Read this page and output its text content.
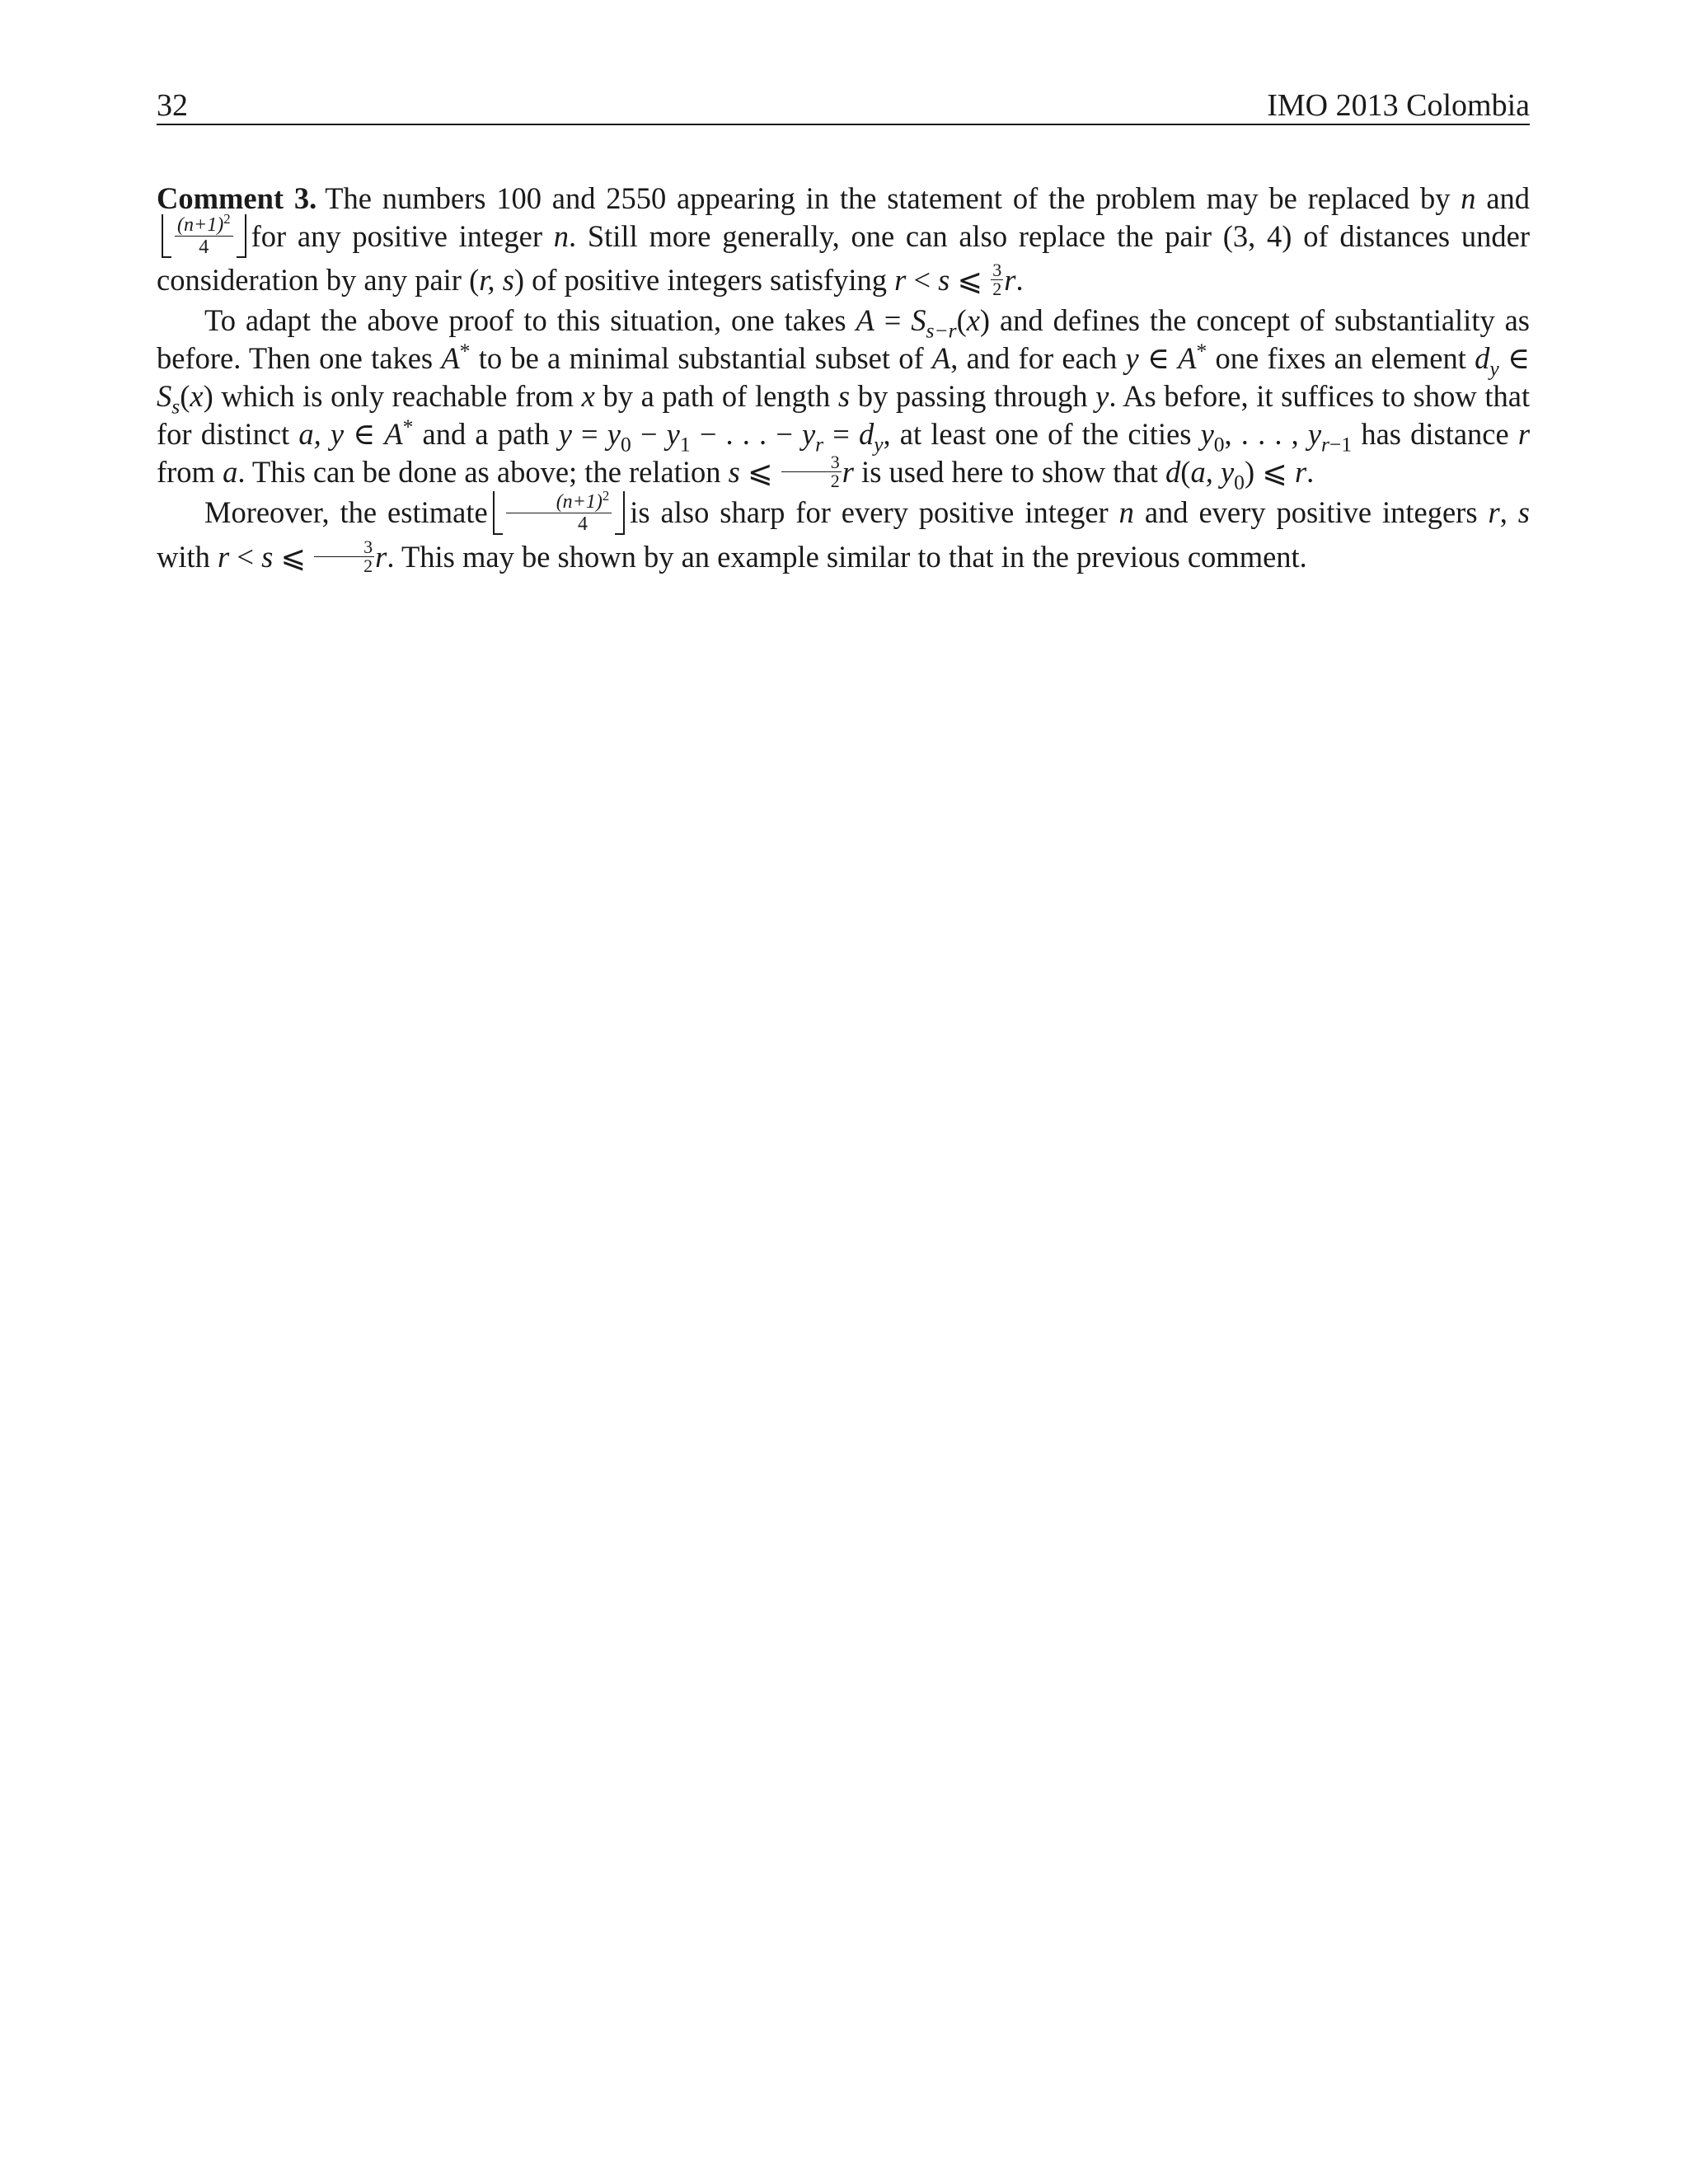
32	IMO 2013 Colombia

Comment 3. The numbers 100 and 2550 appearing in the statement of the problem may be replaced by n and
$\frac{(n+1)^2}{4}$ for any positive integer n. Still more generally, one can also replace the pair (3, 4) of distances under consideration by any pair (r, s) of positive integers satisfying r < s ⩽ $\frac{3}{2} r$.

To adapt the above proof to this situation, one takes $A = S_{s-r}(x)$ and defines the concept of substantiality as before. Then one takes A* to be a minimal substantial subset of A, and for each y ∈ A* one fixes an element $d_y$ ∈ $S_s(x)$ which is only reachable from x by a path of length s by passing through y. As before, it suffices to show that for distinct a, y ∈ A* and a path $y = y_0 - y_1$ − . . . − $y_r = d_y$, at least one of the cities $y_0$, . . . , $y_{r-1}$ has distance r from a. This can be done as above; the relation s ⩽ $\frac{3}{2}$ r is used here to show that d(a, $y_0$) ⩽ r.

Moreover, the estimate $\frac{(n+1)^2}{4}$ is also sharp for every positive integer n and every positive integers r, s with r < s ⩽ $\frac{3}{2} r$. This may be shown by an example similar to that in the previous comment.
